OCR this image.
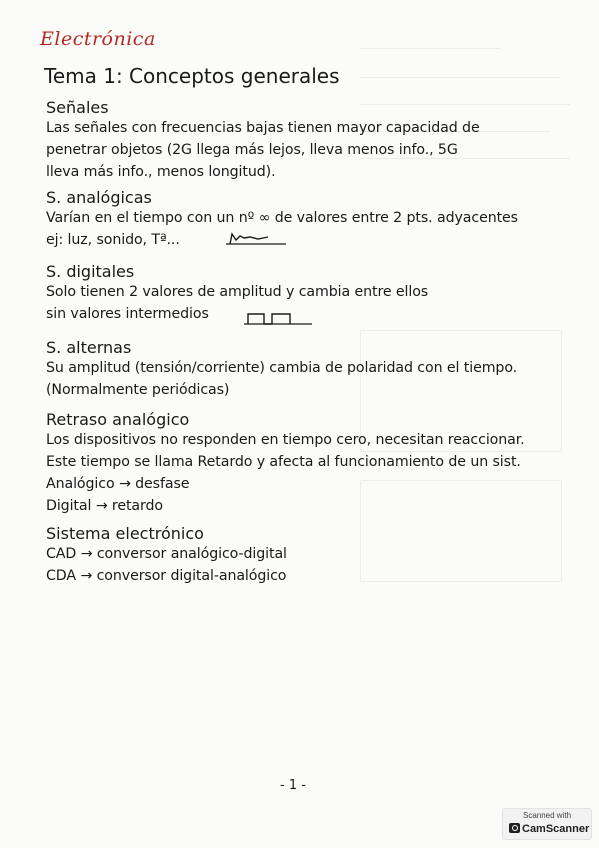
Electrónica
Tema 1: Conceptos generales
Señales
Las señales con frecuencias bajas tienen mayor capacidad de
penetrar objetos (2G llega más lejos, lleva menos info., 5G
lleva más info., menos longitud).
S. analógicas
Varían en el tiempo con un nº ∞ de valores entre 2 pts. adyacentes
ej: luz, sonido, Tª...
S. digitales
Solo tienen 2 valores de amplitud y cambia entre ellos
sin valores intermedios
S. alternas
Su amplitud (tensión/corriente) cambia de polaridad con el tiempo.
(Normalmente periódicas)
Retraso analógico
Los dispositivos no responden en tiempo cero, necesitan reaccionar.
Este tiempo se llama Retardo y afecta al funcionamiento de un sist.
Analógico → desfase
Digital → retardo
Sistema electrónico
CAD → conversor analógico-digital
CDA → conversor digital-analógico
- 1 -
Scanned with
CamScanner
